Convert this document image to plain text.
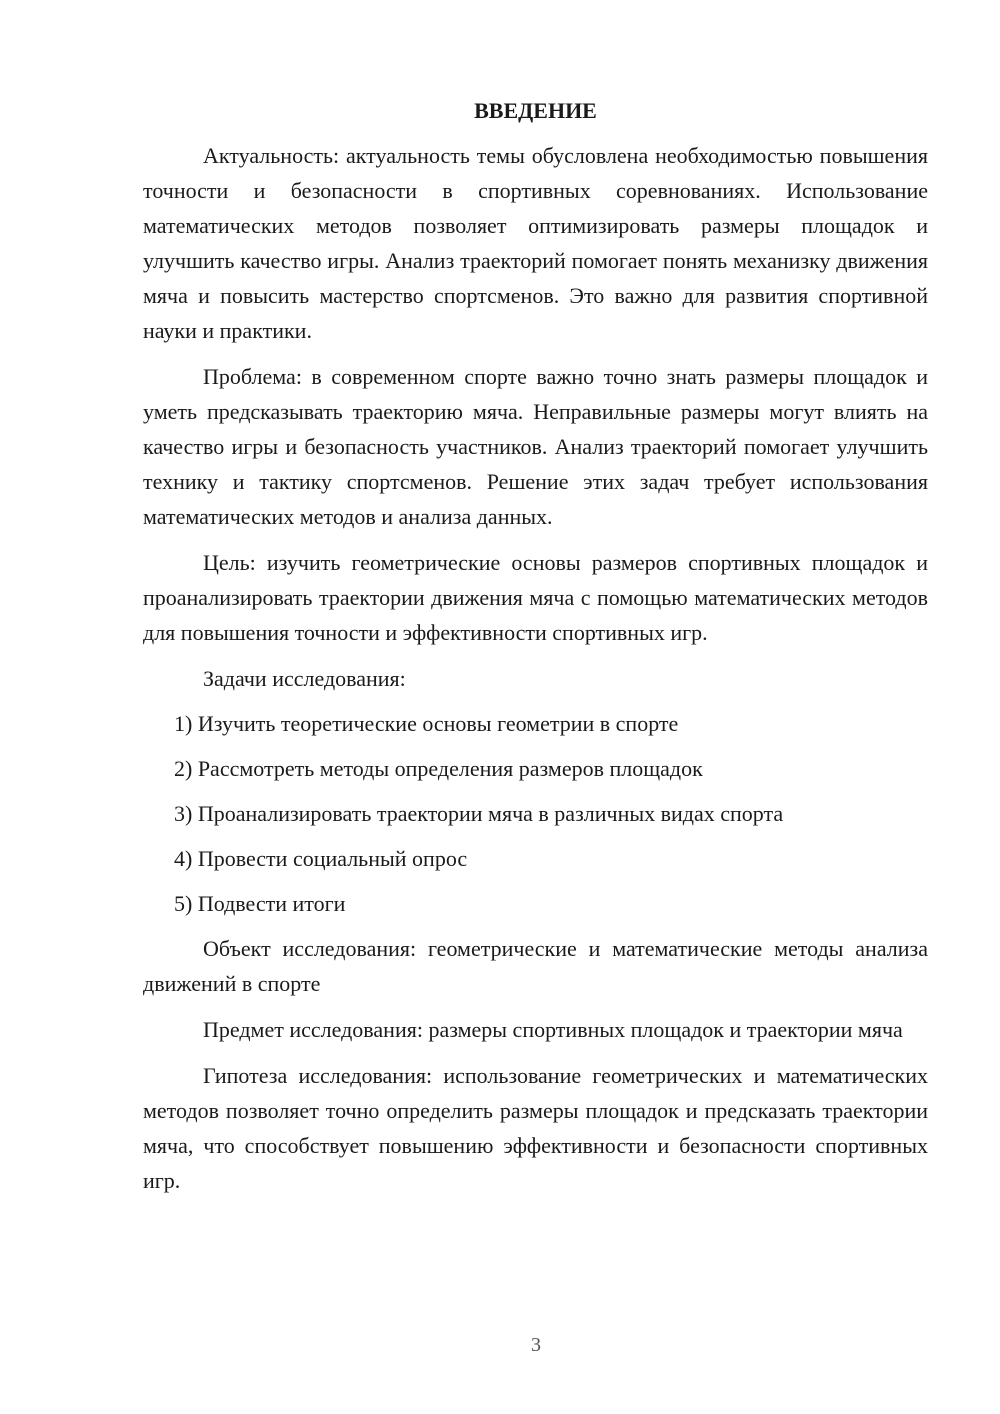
ВВЕДЕНИЕ

Актуальность: актуальность темы обусловлена необходимостью повышения точности и безопасности в спортивных соревнованиях. Использование математических методов позволяет оптимизировать размеры площадок и улучшить качество игры. Анализ траекторий помогает понять механизку движения мяча и повысить мастерство спортсменов. Это важно для развития спортивной науки и практики.

Проблема: в современном спорте важно точно знать размеры площадок и уметь предсказывать траекторию мяча. Неправильные размеры могут влиять на качество игры и безопасность участников. Анализ траекторий помогает улучшить технику и тактику спортсменов. Решение этих задач требует использования математических методов и анализа данных.

Цель: изучить геометрические основы размеров спортивных площадок и проанализировать траектории движения мяча с помощью математических методов для повышения точности и эффективности спортивных игр.

Задачи исследования:
1) Изучить теоретические основы геометрии в спорте
2) Рассмотреть методы определения размеров площадок
3) Проанализировать траектории мяча в различных видах спорта
4) Провести социальный опрос
5) Подвести итоги

Объект исследования: геометрические и математические методы анализа движений в спорте

Предмет исследования: размеры спортивных площадок и траектории мяча

Гипотеза исследования: использование геометрических и математических методов позволяет точно определить размеры площадок и предсказать траектории мяча, что способствует повышению эффективности и безопасности спортивных игр.

3
